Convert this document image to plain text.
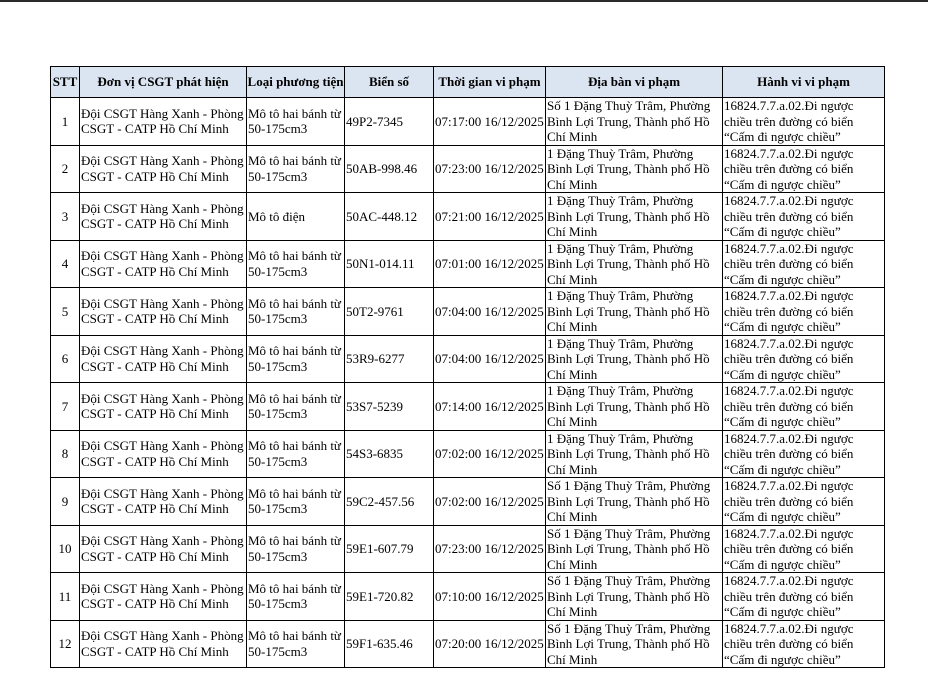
STT	Đơn vị CSGT phát hiện	Loại phương tiện	Biển số	Thời gian vi phạm	Địa bàn vi phạm	Hành vi vi phạm
1	Đội CSGT Hàng Xanh - Phòng CSGT - CATP Hồ Chí Minh	Mô tô hai bánh từ 50-175cm3	49P2-7345	07:17:00 16/12/2025	Số 1 Đặng Thuỳ Trâm, Phường Bình Lợi Trung, Thành phố Hồ Chí Minh	16824.7.7.a.02.Đi ngược chiều trên đường có biển “Cấm đi ngược chiều”
2	Đội CSGT Hàng Xanh - Phòng CSGT - CATP Hồ Chí Minh	Mô tô hai bánh từ 50-175cm3	50AB-998.46	07:23:00 16/12/2025	1 Đặng Thuỳ Trâm, Phường Bình Lợi Trung, Thành phố Hồ Chí Minh	16824.7.7.a.02.Đi ngược chiều trên đường có biển “Cấm đi ngược chiều”
3	Đội CSGT Hàng Xanh - Phòng CSGT - CATP Hồ Chí Minh	Mô tô điện	50AC-448.12	07:21:00 16/12/2025	1 Đặng Thuỳ Trâm, Phường Bình Lợi Trung, Thành phố Hồ Chí Minh	16824.7.7.a.02.Đi ngược chiều trên đường có biển “Cấm đi ngược chiều”
4	Đội CSGT Hàng Xanh - Phòng CSGT - CATP Hồ Chí Minh	Mô tô hai bánh từ 50-175cm3	50N1-014.11	07:01:00 16/12/2025	1 Đặng Thuỳ Trâm, Phường Bình Lợi Trung, Thành phố Hồ Chí Minh	16824.7.7.a.02.Đi ngược chiều trên đường có biển “Cấm đi ngược chiều”
5	Đội CSGT Hàng Xanh - Phòng CSGT - CATP Hồ Chí Minh	Mô tô hai bánh từ 50-175cm3	50T2-9761	07:04:00 16/12/2025	1 Đặng Thuỳ Trâm, Phường Bình Lợi Trung, Thành phố Hồ Chí Minh	16824.7.7.a.02.Đi ngược chiều trên đường có biển “Cấm đi ngược chiều”
6	Đội CSGT Hàng Xanh - Phòng CSGT - CATP Hồ Chí Minh	Mô tô hai bánh từ 50-175cm3	53R9-6277	07:04:00 16/12/2025	1 Đặng Thuỳ Trâm, Phường Bình Lợi Trung, Thành phố Hồ Chí Minh	16824.7.7.a.02.Đi ngược chiều trên đường có biển “Cấm đi ngược chiều”
7	Đội CSGT Hàng Xanh - Phòng CSGT - CATP Hồ Chí Minh	Mô tô hai bánh từ 50-175cm3	53S7-5239	07:14:00 16/12/2025	1 Đặng Thuỳ Trâm, Phường Bình Lợi Trung, Thành phố Hồ Chí Minh	16824.7.7.a.02.Đi ngược chiều trên đường có biển “Cấm đi ngược chiều”
8	Đội CSGT Hàng Xanh - Phòng CSGT - CATP Hồ Chí Minh	Mô tô hai bánh từ 50-175cm3	54S3-6835	07:02:00 16/12/2025	1 Đặng Thuỳ Trâm, Phường Bình Lợi Trung, Thành phố Hồ Chí Minh	16824.7.7.a.02.Đi ngược chiều trên đường có biển “Cấm đi ngược chiều”
9	Đội CSGT Hàng Xanh - Phòng CSGT - CATP Hồ Chí Minh	Mô tô hai bánh từ 50-175cm3	59C2-457.56	07:02:00 16/12/2025	Số 1 Đặng Thuỳ Trâm, Phường Bình Lợi Trung, Thành phố Hồ Chí Minh	16824.7.7.a.02.Đi ngược chiều trên đường có biển “Cấm đi ngược chiều”
10	Đội CSGT Hàng Xanh - Phòng CSGT - CATP Hồ Chí Minh	Mô tô hai bánh từ 50-175cm3	59E1-607.79	07:23:00 16/12/2025	Số 1 Đặng Thuỳ Trâm, Phường Bình Lợi Trung, Thành phố Hồ Chí Minh	16824.7.7.a.02.Đi ngược chiều trên đường có biển “Cấm đi ngược chiều”
11	Đội CSGT Hàng Xanh - Phòng CSGT - CATP Hồ Chí Minh	Mô tô hai bánh từ 50-175cm3	59E1-720.82	07:10:00 16/12/2025	Số 1 Đặng Thuỳ Trâm, Phường Bình Lợi Trung, Thành phố Hồ Chí Minh	16824.7.7.a.02.Đi ngược chiều trên đường có biển “Cấm đi ngược chiều”
12	Đội CSGT Hàng Xanh - Phòng CSGT - CATP Hồ Chí Minh	Mô tô hai bánh từ 50-175cm3	59F1-635.46	07:20:00 16/12/2025	Số 1 Đặng Thuỳ Trâm, Phường Bình Lợi Trung, Thành phố Hồ Chí Minh	16824.7.7.a.02.Đi ngược chiều trên đường có biển “Cấm đi ngược chiều”
